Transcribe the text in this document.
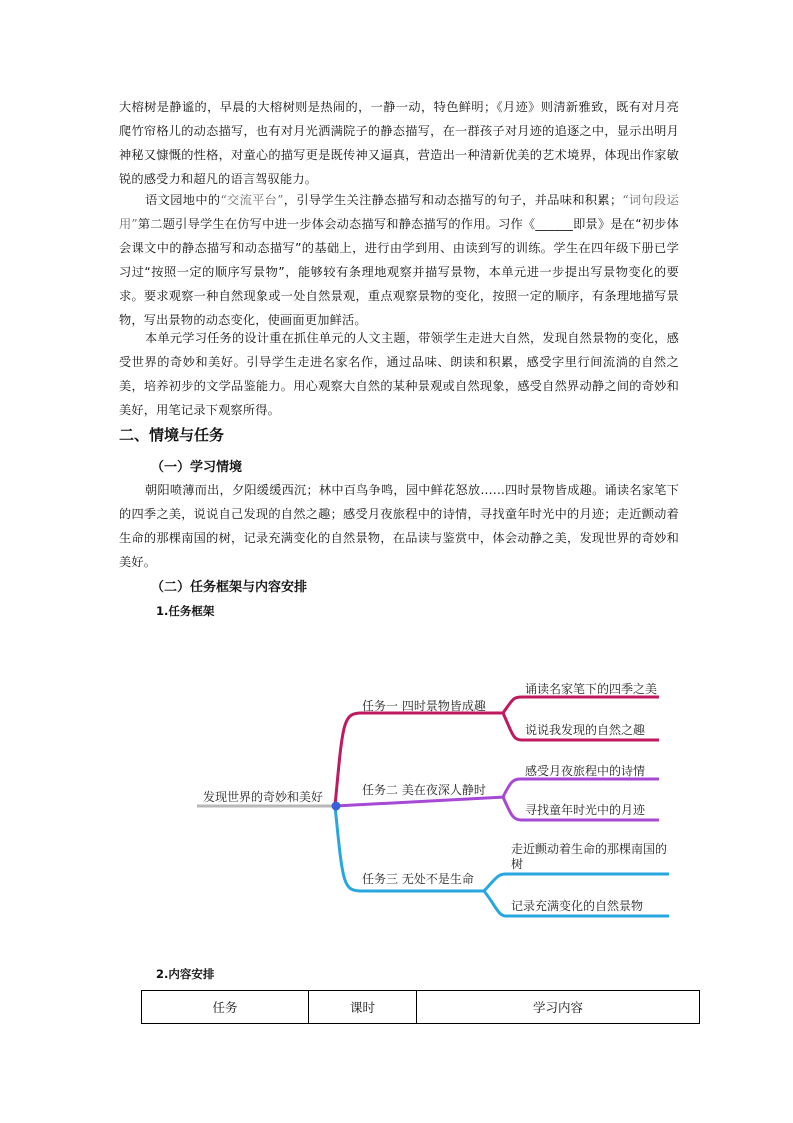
大榕树是静谧的，早晨的大榕树则是热闹的，一静一动，特色鲜明；《月迹》则清新雅致，既有对月亮爬竹帘格儿的动态描写，也有对月光洒满院子的静态描写，在一群孩子对月迹的追逐之中，显示出明月神秘又慷慨的性格，对童心的描写更是既传神又逼真，营造出一种清新优美的艺术境界，体现出作家敏锐的感受力和超凡的语言驾驭能力。

语文园地中的“交流平台”，引导学生关注静态描写和动态描写的句子，并品味和积累；“词句段运用”第二题引导学生在仿写中进一步体会动态描写和静态描写的作用。习作《______即景》是在“初步体会课文中的静态描写和动态描写”的基础上，进行由学到用、由读到写的训练。学生在四年级下册已学习过“按照一定的顺序写景物”，能够较有条理地观察并描写景物，本单元进一步提出写景物变化的要求。要求观察一种自然现象或一处自然景观，重点观察景物的变化，按照一定的顺序，有条理地描写景物，写出景物的动态变化，使画面更加鲜活。

本单元学习任务的设计重在抓住单元的人文主题，带领学生走进大自然，发现自然景物的变化，感受世界的奇妙和美好。引导学生走进名家名作，通过品味、朗读和积累，感受字里行间流淌的自然之美，培养初步的文学品鉴能力。用心观察大自然的某种景观或自然现象，感受自然界动静之间的奇妙和美好，用笔记录下观察所得。

二、情境与任务
（一）学习情境

朝阳喷薄而出，夕阳缓缓西沉；林中百鸟争鸣，园中鲜花怒放……四时景物皆成趣。诵读名家笔下的四季之美，说说自己发现的自然之趣；感受月夜旅程中的诗情，寻找童年时光中的月迹；走近颤动着生命的那棵南国的树，记录充满变化的自然景物，在品读与鉴赏中，体会动静之美，发现世界的奇妙和美好。

（二）任务框架与内容安排
1.任务框架
发现世界的奇妙和美好
任务一 四时景物皆成趣
诵读名家笔下的四季之美
说说我发现的自然之趣
任务二 美在夜深人静时
感受月夜旅程中的诗情
寻找童年时光中的月迹
任务三 无处不是生命
走近颤动着生命的那棵南国的树
记录充满变化的自然景物
2.内容安排
任务	课时	学习内容
